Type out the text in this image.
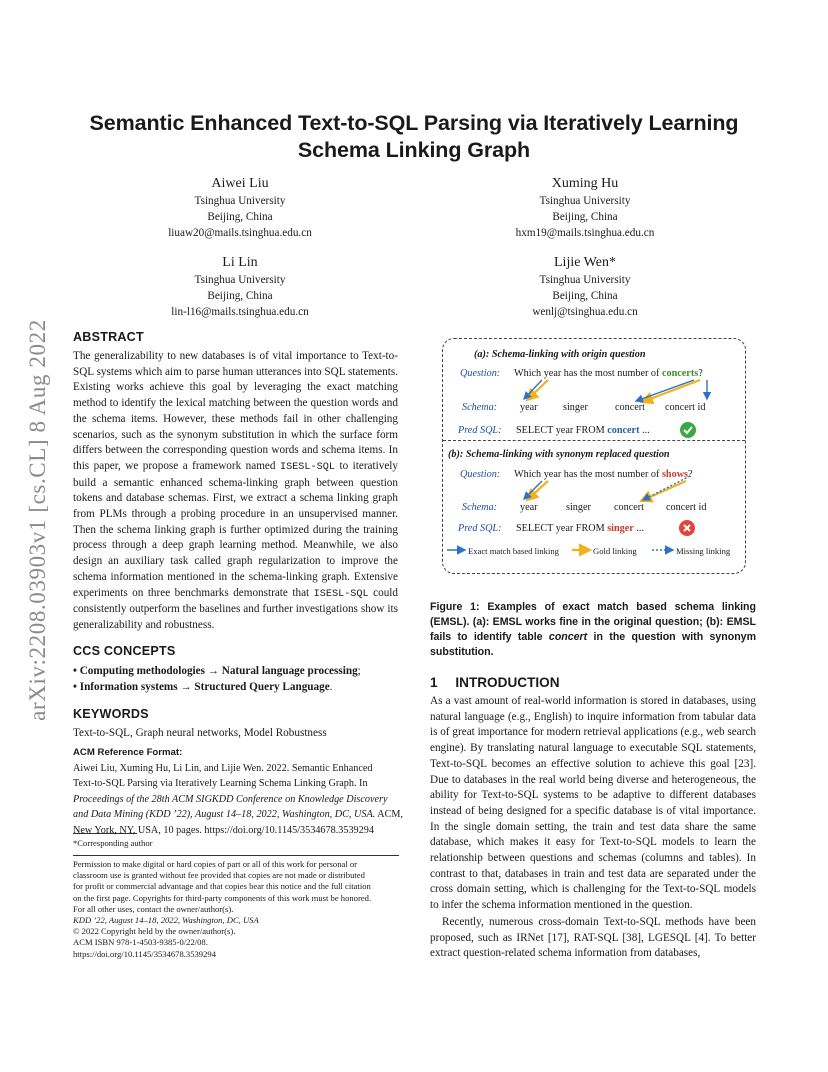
Semantic Enhanced Text-to-SQL Parsing via Iteratively Learning
Schema Linking Graph
arXiv:2208.03903v1 [cs.CL] 8 Aug 2022
Aiwei Liu
Tsinghua University
Beijing, China
liuaw20@mails.tsinghua.edu.cn
Xuming Hu
Tsinghua University
Beijing, China
hxm19@mails.tsinghua.edu.cn
Li Lin
Tsinghua University
Beijing, China
lin-l16@mails.tsinghua.edu.cn
Lijie Wen*
Tsinghua University
Beijing, China
wenlj@tsinghua.edu.cn
ABSTRACT
The generalizability to new databases is of vital importance to Text-to-SQL systems which aim to parse human utterances into SQL statements. Existing works achieve this goal by leveraging the exact matching method to identify the lexical matching between the question words and the schema items. However, these methods fail in other challenging scenarios, such as the synonym substitution in which the surface form differs between the corresponding question words and schema items. In this paper, we propose a framework named ISESL-SQL to iteratively build a semantic enhanced schema-linking graph between question tokens and database schemas. First, we extract a schema linking graph from PLMs through a probing procedure in an unsupervised manner. Then the schema linking graph is further optimized during the training process through a deep graph learning method. Meanwhile, we also design an auxiliary task called graph regularization to improve the schema information mentioned in the schema-linking graph. Extensive experiments on three benchmarks demonstrate that ISESL-SQL could consistently outperform the baselines and further investigations show its generalizability and robustness.
CCS CONCEPTS
• Computing methodologies → Natural language processing;
• Information systems → Structured Query Language.
KEYWORDS
Text-to-SQL, Graph neural networks, Model Robustness
ACM Reference Format:
Aiwei Liu, Xuming Hu, Li Lin, and Lijie Wen. 2022. Semantic Enhanced
Text-to-SQL Parsing via Iteratively Learning Schema Linking Graph. In
Proceedings of the 28th ACM SIGKDD Conference on Knowledge Discovery
and Data Mining (KDD ’22), August 14–18, 2022, Washington, DC, USA. ACM,
New York, NY, USA, 10 pages. https://doi.org/10.1145/3534678.3539294
*Corresponding author
Permission to make digital or hard copies of part or all of this work for personal or
classroom use is granted without fee provided that copies are not made or distributed
for profit or commercial advantage and that copies bear this notice and the full citation
on the first page. Copyrights for third-party components of this work must be honored.
For all other uses, contact the owner/author(s).
KDD ’22, August 14–18, 2022, Washington, DC, USA
© 2022 Copyright held by the owner/author(s).
ACM ISBN 978-1-4503-9385-0/22/08.
https://doi.org/10.1145/3534678.3539294
(a): Schema-linking with origin question
Question: Which year has the most number of concerts?
Schema: year singer	concert concert id
Pred SQL: SELECT year FROM concert ...
(b): Schema-linking with synonym replaced question
Question: Which year has the most number of shows?
Schema: year	singer concert concert id
Pred SQL: SELECT year FROM singer ...
Exact match based linking	Gold linking	Missing linking
Figure 1: Examples of exact match based schema linking (EMSL). (a): EMSL works fine in the original question; (b): EMSL fails to identify table concert in the question with synonym substitution.
1 INTRODUCTION
As a vast amount of real-world information is stored in databases, using natural language (e.g., English) to inquire information from tabular data is of great importance for modern retrieval applications (e.g., web search engine). By translating natural language to executable SQL statements, Text-to-SQL becomes an effective solution to achieve this goal [23]. Due to databases in the real world being diverse and heterogeneous, the ability for Text-to-SQL systems to be adaptive to different databases instead of being designed for a specific database is of vital importance. In the single domain setting, the train and test data share the same database, which makes it easy for Text-to-SQL models to learn the relationship between questions and schemas (columns and tables). In contrast to that, databases in train and test data are separated under the cross domain setting, which is challenging for the Text-to-SQL models to infer the schema information mentioned in the question.
Recently, numerous cross-domain Text-to-SQL methods have been proposed, such as IRNet [17], RAT-SQL [38], LGESQL [4]. To better extract question-related schema information from databases,
